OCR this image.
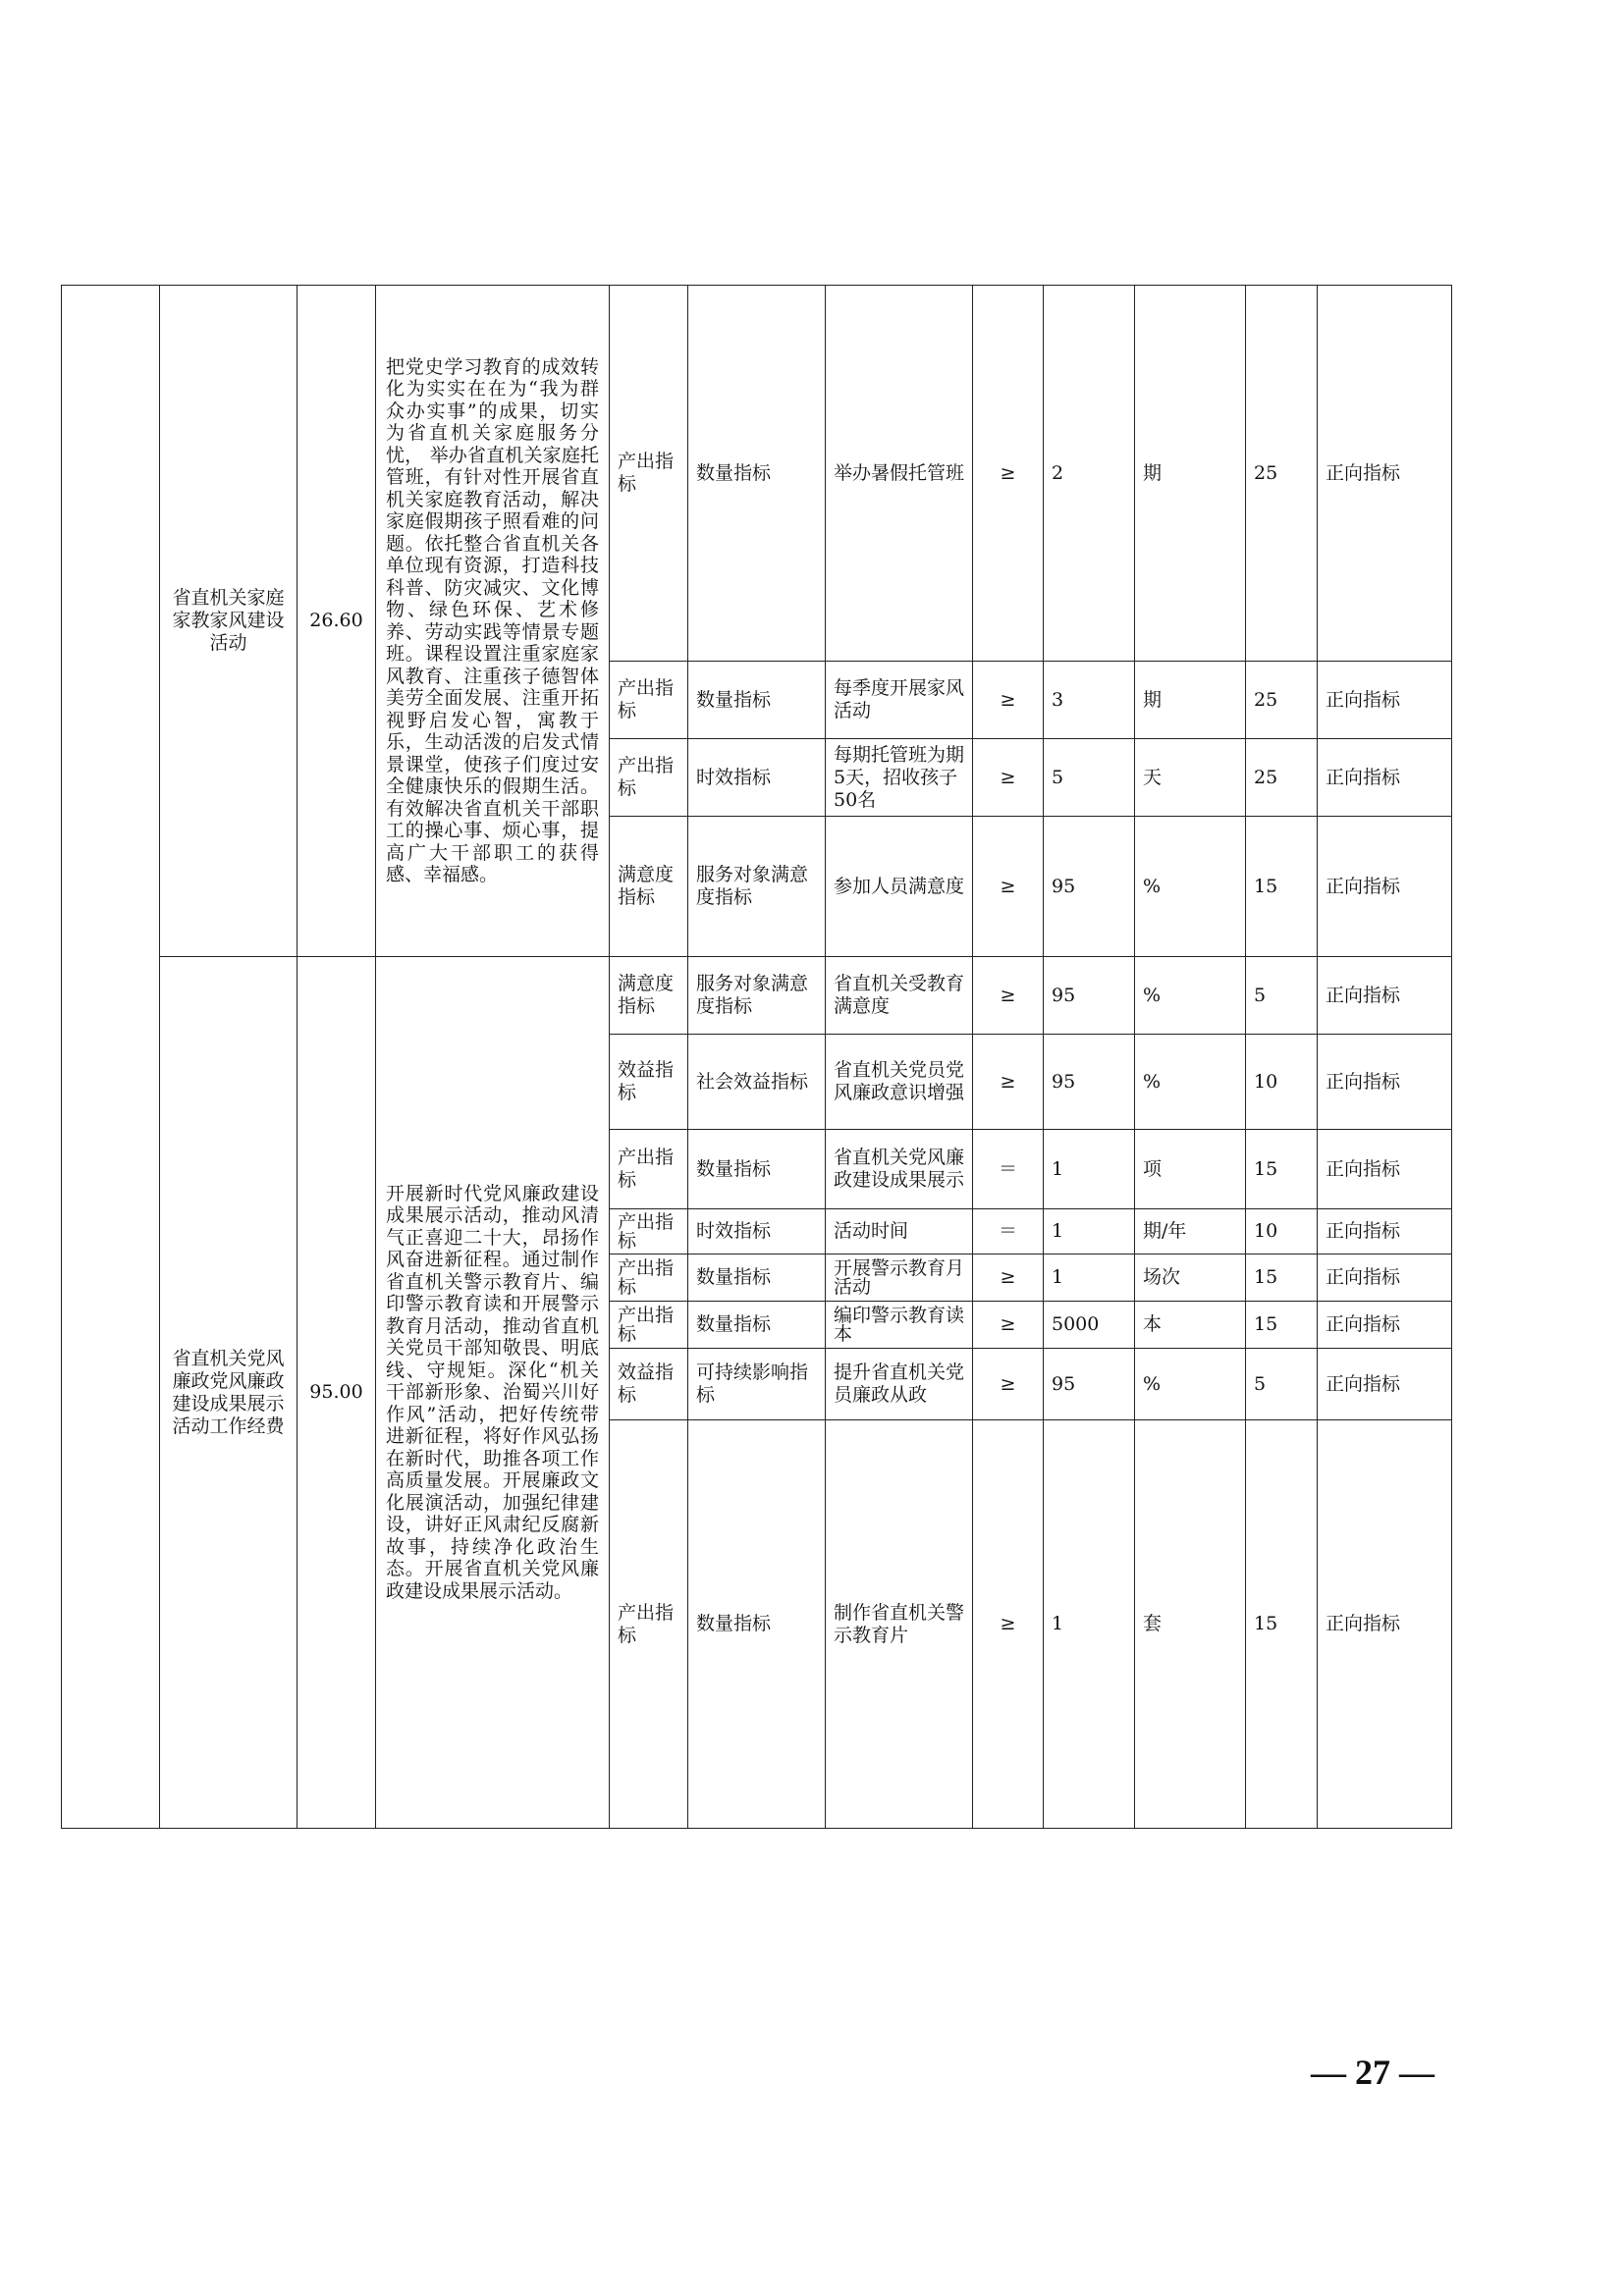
	省直机关家庭家教家风建设活动	26.60	把党史学习教育的成效转化为实实在在为“我为群众办实事”的成果，切实为省直机关家庭服务分忧， 举办省直机关家庭托管班，有针对性开展省直机关家庭教育活动，解决家庭假期孩子照看难的问题。依托整合省直机关各单位现有资源，打造科技科普、防灾减灾、文化博物、绿色环保、艺术修养、劳动实践等情景专题班。课程设置注重家庭家风教育、注重孩子德智体美劳全面发展、注重开拓视野启发心智，寓教于乐，生动活泼的启发式情景课堂，使孩子们度过安全健康快乐的假期生活。有效解决省直机关干部职工的操心事、烦心事，提高广大干部职工的获得感、幸福感。	产出指标	数量指标	举办暑假托管班	≥	2	期	25	正向指标
				产出指标	数量指标	每季度开展家风活动	≥	3	期	25	正向指标
				产出指标	时效指标	每期托管班为期5天，招收孩子50名	≥	5	天	25	正向指标
				满意度指标	服务对象满意度指标	参加人员满意度	≥	95	%	15	正向指标
	省直机关党风廉政党风廉政建设成果展示活动工作经费	95.00	开展新时代党风廉政建设成果展示活动，推动风清气正喜迎二十大，昂扬作风奋进新征程。通过制作省直机关警示教育片、编印警示教育读和开展警示教育月活动，推动省直机关党员干部知敬畏、明底线、守规矩。深化“机关干部新形象、治蜀兴川好作风”活动，把好传统带进新征程，将好作风弘扬在新时代，助推各项工作高质量发展。开展廉政文化展演活动，加强纪律建设，讲好正风肃纪反腐新故事，持续净化政治生态。开展省直机关党风廉政建设成果展示活动。	满意度指标	服务对象满意度指标	省直机关受教育满意度	≥	95	%	5	正向指标
				效益指标	社会效益指标	省直机关党员党风廉政意识增强	≥	95	%	10	正向指标
				产出指标	数量指标	省直机关党风廉政建设成果展示	＝	1	项	15	正向指标
				产出指标	时效指标	活动时间	＝	1	期/年	10	正向指标
				产出指标	数量指标	开展警示教育月活动	≥	1	场次	15	正向指标
				产出指标	数量指标	编印警示教育读本	≥	5000	本	15	正向指标
				效益指标	可持续影响指标	提升省直机关党员廉政从政	≥	95	%	5	正向指标
				产出指标	数量指标	制作省直机关警示教育片	≥	1	套	15	正向指标
— 27 —
